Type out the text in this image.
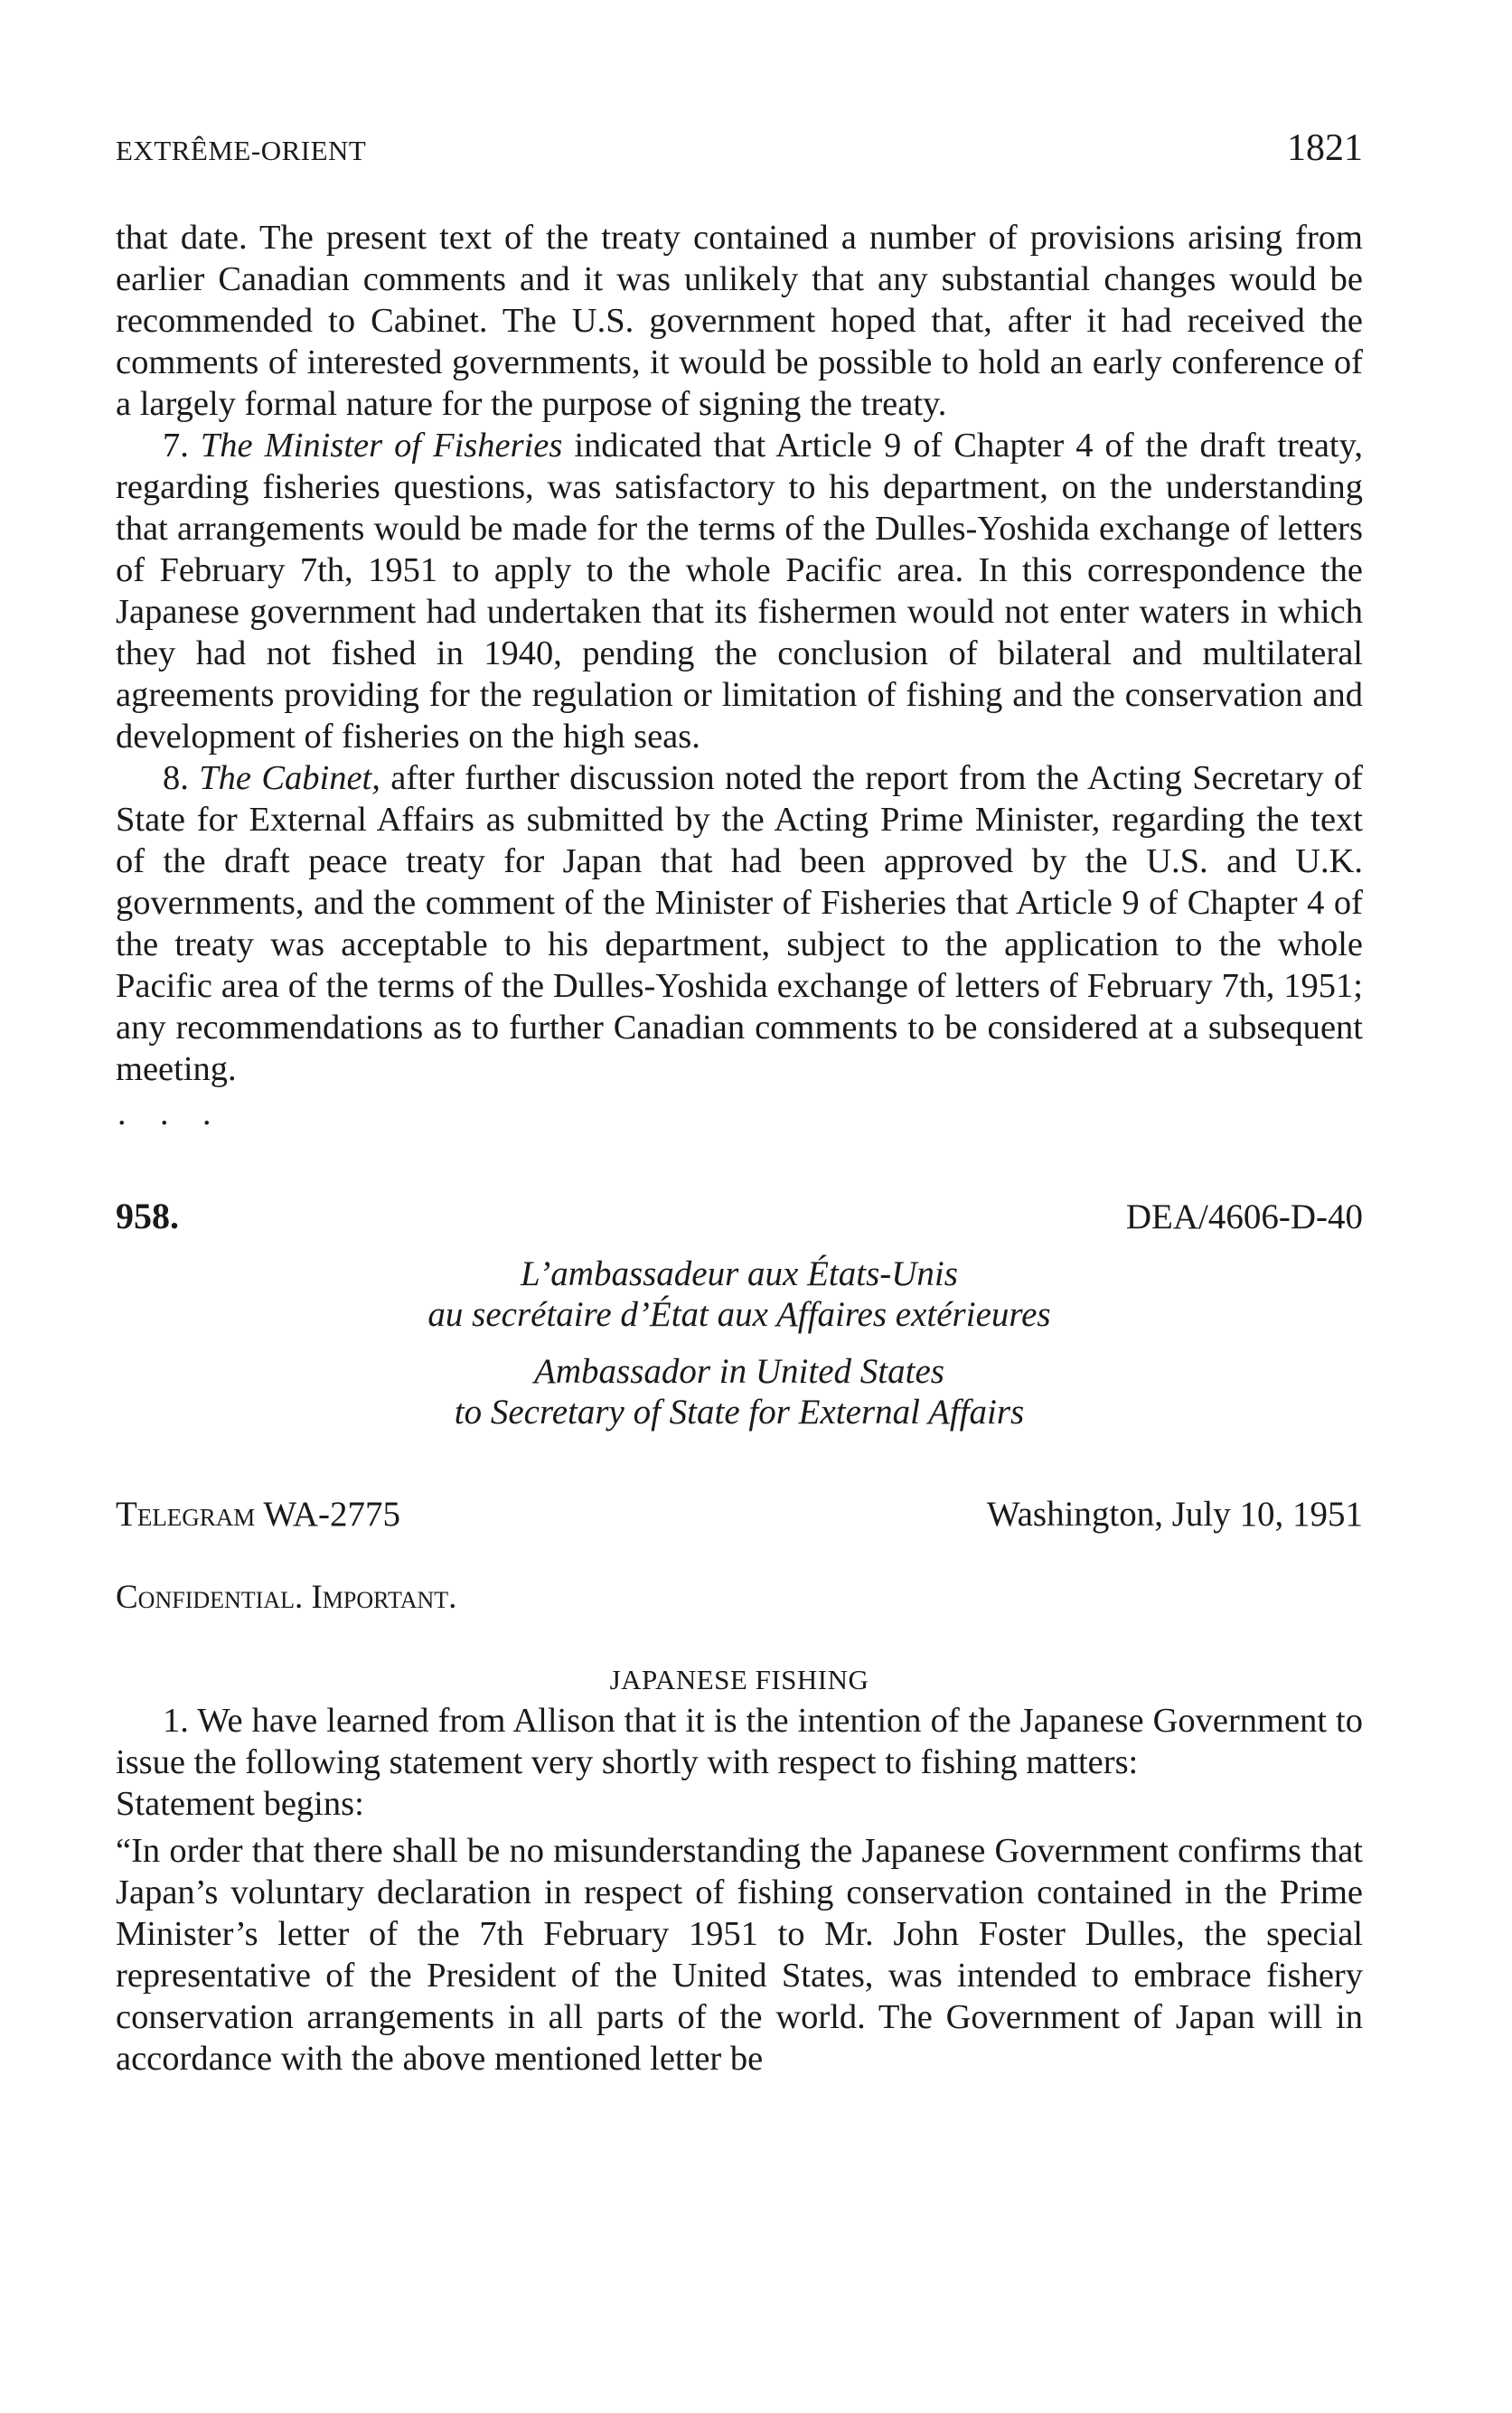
EXTRÊME-ORIENT	1821

that date. The present text of the treaty contained a number of provisions arising from earlier Canadian comments and it was unlikely that any substantial changes would be recommended to Cabinet. The U.S. government hoped that, after it had received the comments of interested governments, it would be possible to hold an early conference of a largely formal nature for the purpose of signing the treaty.

7. The Minister of Fisheries indicated that Article 9 of Chapter 4 of the draft treaty, regarding fisheries questions, was satisfactory to his department, on the understanding that arrangements would be made for the terms of the Dulles-Yoshida exchange of letters of February 7th, 1951 to apply to the whole Pacific area. In this correspondence the Japanese government had undertaken that its fishermen would not enter waters in which they had not fished in 1940, pending the conclusion of bilateral and multilateral agreements providing for the regulation or limitation of fishing and the conservation and development of fisheries on the high seas.

8. The Cabinet, after further discussion noted the report from the Acting Secretary of State for External Affairs as submitted by the Acting Prime Minister, regarding the text of the draft peace treaty for Japan that had been approved by the U.S. and U.K. governments, and the comment of the Minister of Fisheries that Article 9 of Chapter 4 of the treaty was acceptable to his department, subject to the application to the whole Pacific area of the terms of the Dulles-Yoshida exchange of letters of February 7th, 1951; any recommendations as to further Canadian comments to be considered at a subsequent meeting.

. . .
958.	DEA/4606-D-40
L’ambassadeur aux États-Unis
au secrétaire d’État aux Affaires extérieures
Ambassador in United States
to Secretary of State for External Affairs
Telegram WA-2775	Washington, July 10, 1951
Confidential. Important.
JAPANESE FISHING

1. We have learned from Allison that it is the intention of the Japanese Government to issue the following statement very shortly with respect to fishing matters:

Statement begins:

“In order that there shall be no misunderstanding the Japanese Government confirms that Japan’s voluntary declaration in respect of fishing conservation contained in the Prime Minister’s letter of the 7th February 1951 to Mr. John Foster Dulles, the special representative of the President of the United States, was intended to embrace fishery conservation arrangements in all parts of the world. The Government of Japan will in accordance with the above mentioned letter be
